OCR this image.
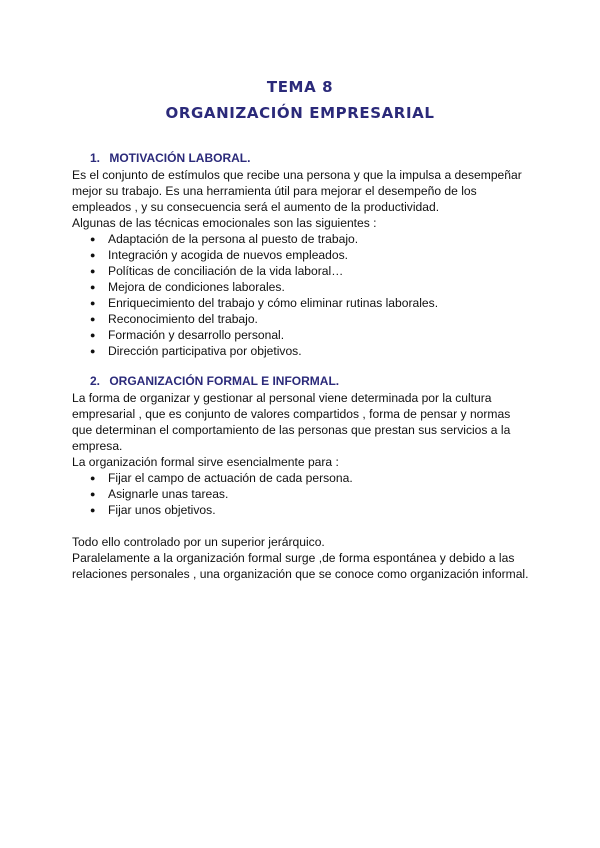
TEMA 8
ORGANIZACIÓN EMPRESARIAL
1. MOTIVACIÓN LABORAL.

Es el conjunto de estímulos que recibe una persona y que la impulsa a desempeñar mejor su trabajo. Es una herramienta útil para mejorar el desempeño de los empleados , y su consecuencia será el aumento de la productividad.

Algunas de las técnicas emocionales son las siguientes :

● Adaptación de la persona al puesto de trabajo.
● Integración y acogida de nuevos empleados.
● Políticas de conciliación de la vida laboral…
● Mejora de condiciones laborales.
● Enriquecimiento del trabajo y cómo eliminar rutinas laborales.
● Reconocimiento del trabajo.
● Formación y desarrollo personal.
● Dirección participativa por objetivos.
2. ORGANIZACIÓN FORMAL E INFORMAL.

La forma de organizar y gestionar al personal viene determinada por la cultura empresarial , que es conjunto de valores compartidos , forma de pensar y normas que determinan el comportamiento de las personas que prestan sus servicios a la empresa.

La organización formal sirve esencialmente para :

● Fijar el campo de actuación de cada persona.
● Asignarle unas tareas.
● Fijar unos objetivos.

Todo ello controlado por un superior jerárquico.

Paralelamente a la organización formal surge ,de forma espontánea y debido a las relaciones personales , una organización que se conoce como organización informal.
